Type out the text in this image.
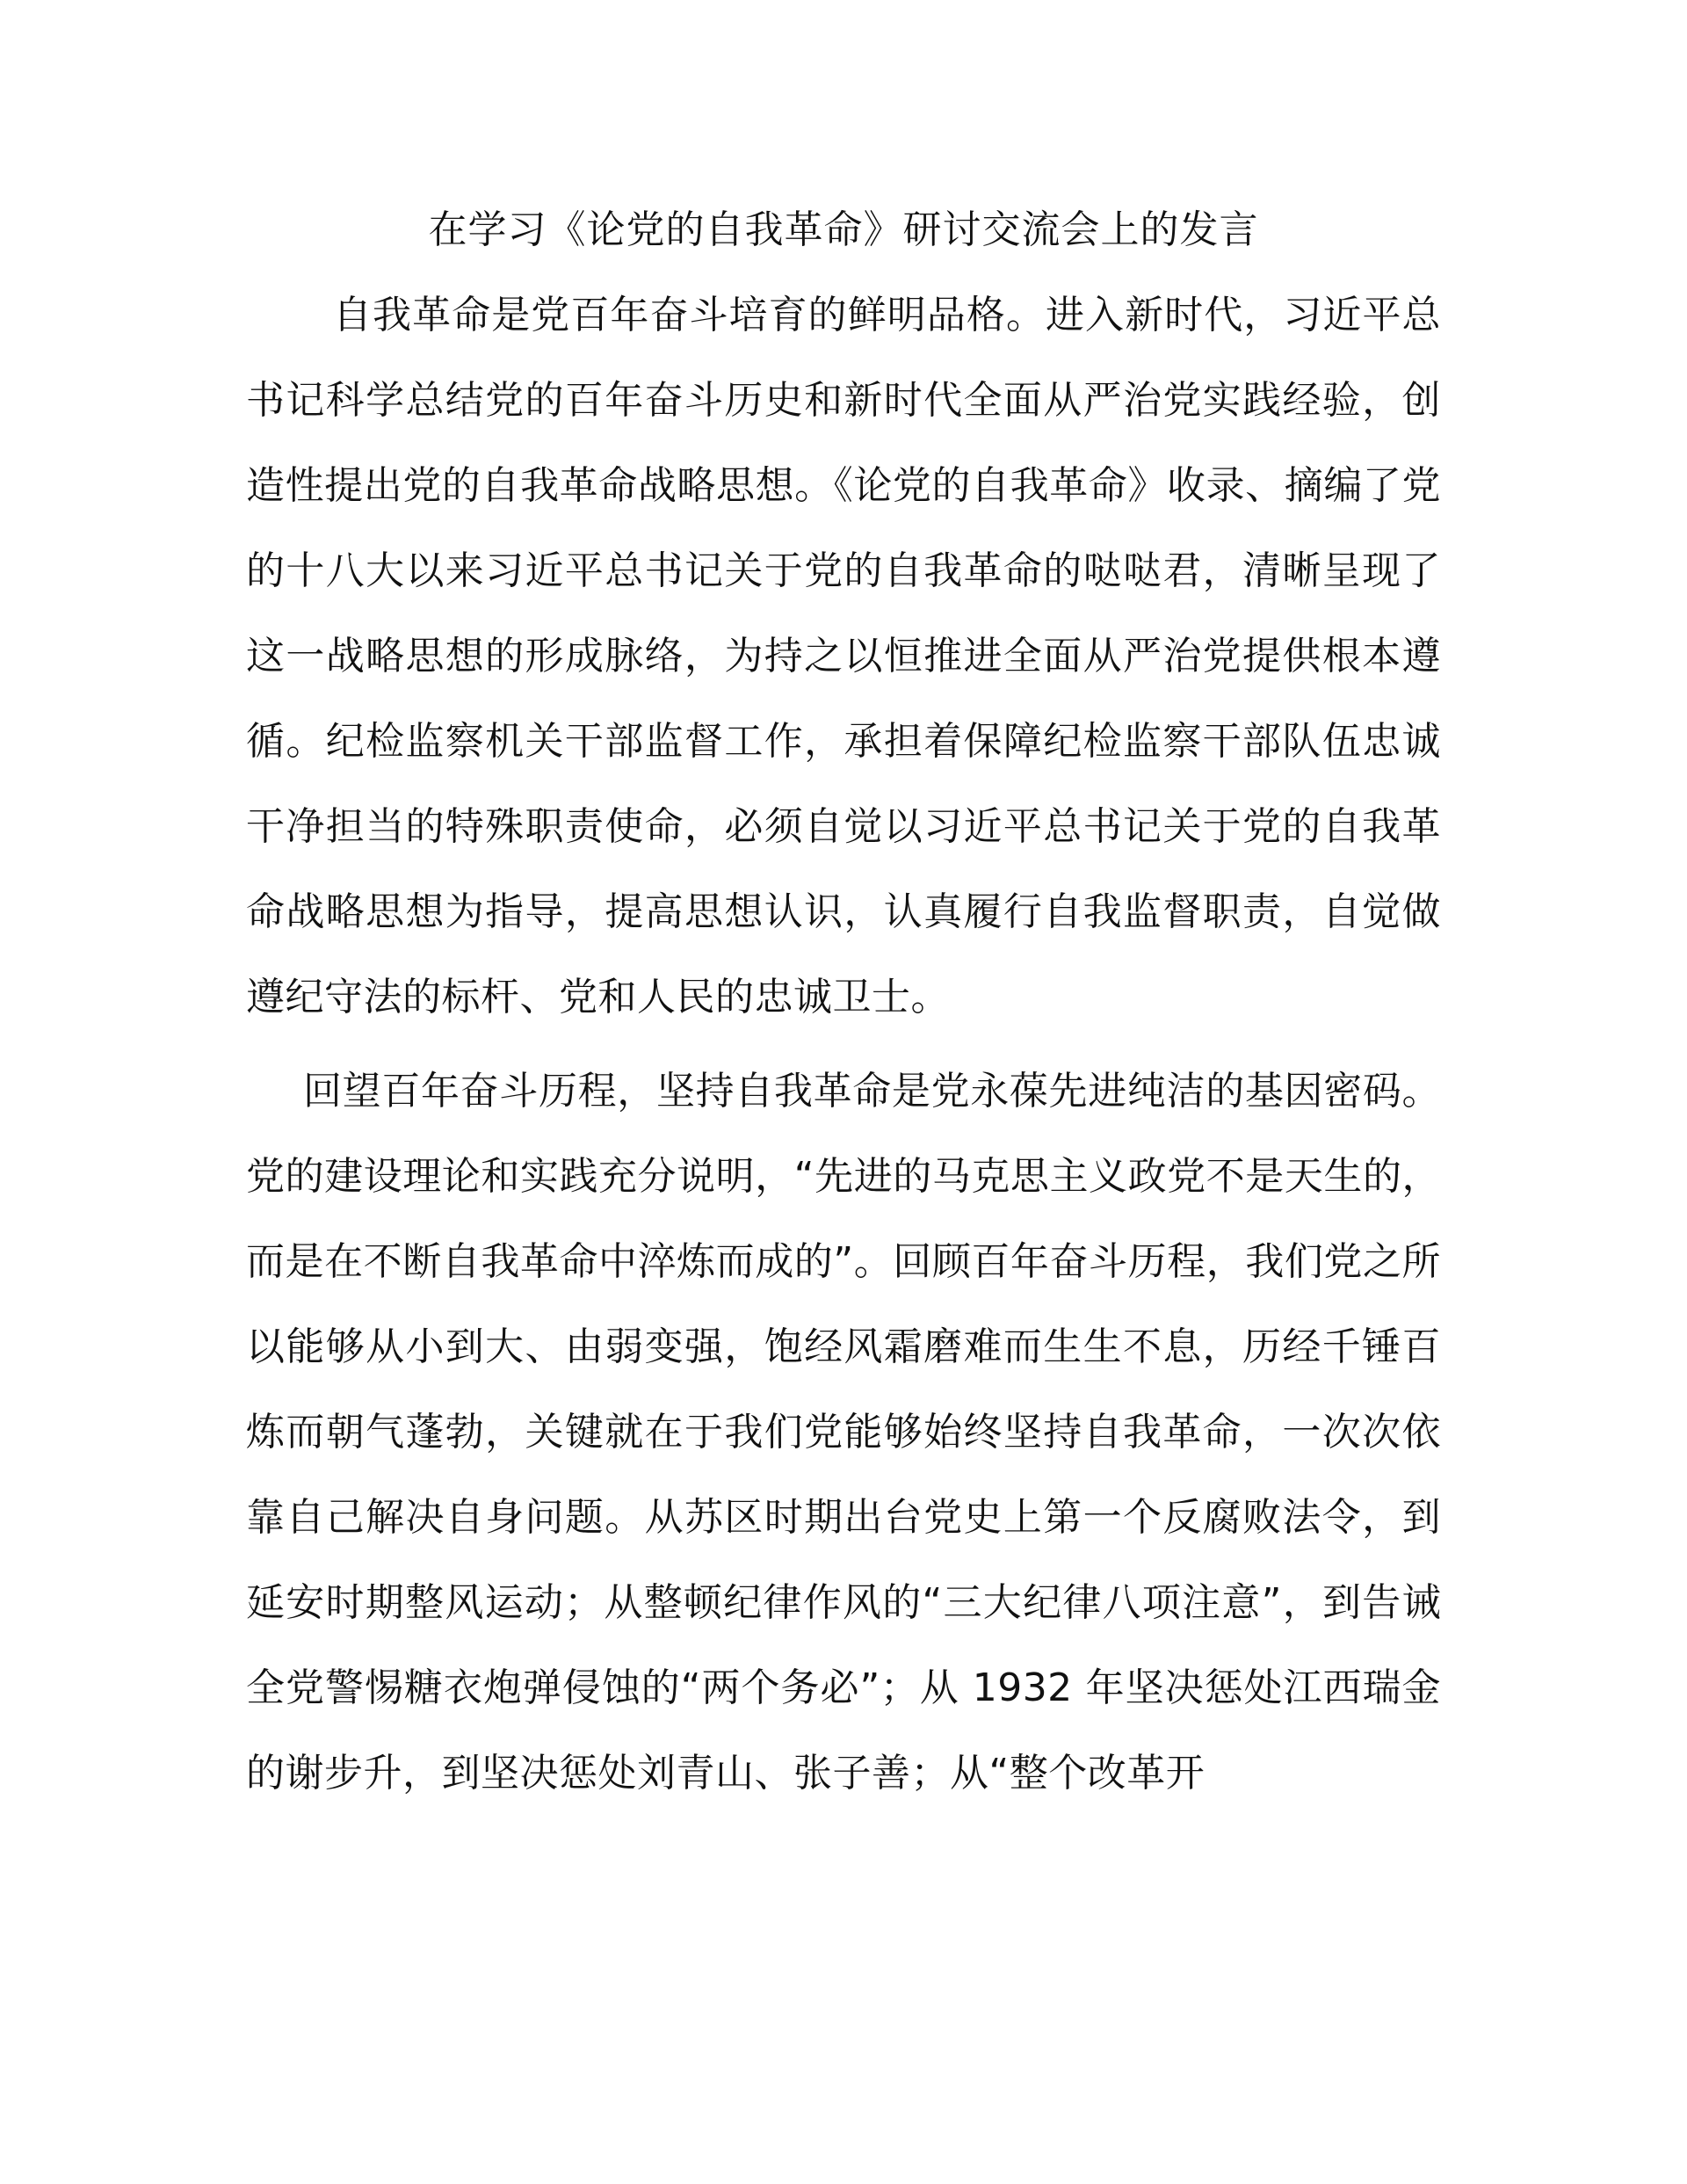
在学习《论党的自我革命》研讨交流会上的发言

自我革命是党百年奋斗培育的鲜明品格。进入新时代，习近平总书记科学总结党的百年奋斗历史和新时代全面从严治党实践经验，创造性提出党的自我革命战略思想。《论党的自我革命》收录、摘编了党的十八大以来习近平总书记关于党的自我革命的哒哒君，清晰呈现了这一战略思想的形成脉络，为持之以恒推进全面从严治党提供根本遵循。纪检监察机关干部监督工作，承担着保障纪检监察干部队伍忠诚干净担当的特殊职责使命，必须自觉以习近平总书记关于党的自我革命战略思想为指导，提高思想认识，认真履行自我监督职责，自觉做遵纪守法的标杆、党和人民的忠诚卫士。

回望百年奋斗历程，坚持自我革命是党永葆先进纯洁的基因密码。党的建设理论和实践充分说明，“先进的马克思主义政党不是天生的，而是在不断自我革命中淬炼而成的”。回顾百年奋斗历程，我们党之所以能够从小到大、由弱变强，饱经风霜磨难而生生不息，历经千锤百炼而朝气蓬勃，关键就在于我们党能够始终坚持自我革命，一次次依靠自己解决自身问题。从苏区时期出台党史上第一个反腐败法令，到延安时期整风运动；从整顿纪律作风的“三大纪律八项注意”，到告诫全党警惕糖衣炮弹侵蚀的“两个务必”；从 1932 年坚决惩处江西瑞金的谢步升，到坚决惩处刘青山、张子善；从“整个改革开
